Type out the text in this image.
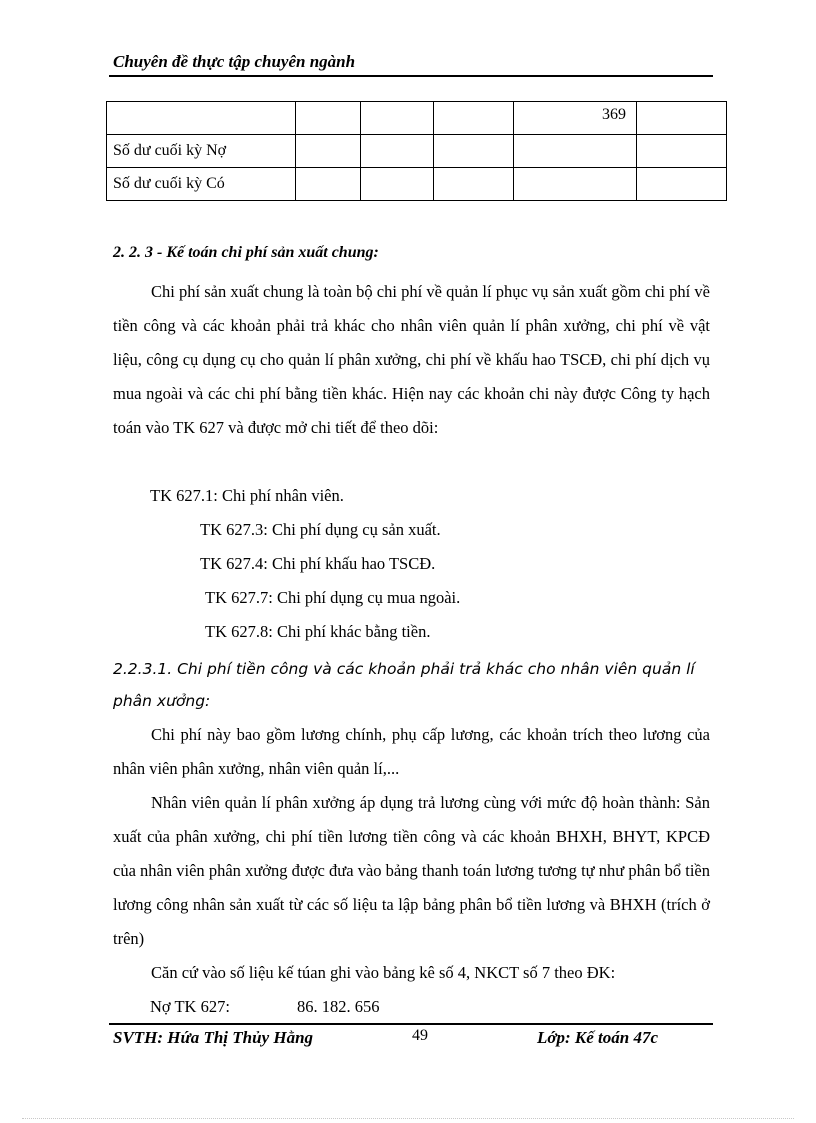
Chuyên đề thực tập chuyên ngành
				369	
Số dư cuối kỳ Nợ					
Số dư cuối kỳ Có					
2. 2. 3 - Kế toán chi phí sản xuất chung:

Chi phí sản xuất chung là toàn bộ chi phí về quản lí phục vụ sản xuất gồm chi phí về tiền công và các khoản phải trả khác cho nhân viên quản lí phân xưởng, chi phí về vật liệu, công cụ dụng cụ cho quản lí phân xưởng, chi phí về khấu hao TSCĐ, chi phí dịch vụ mua ngoài và các chi phí bằng tiền khác. Hiện nay các khoản chi này được Công ty hạch toán vào TK 627 và được mở chi tiết để theo dõi:

TK 627.1: Chi phí nhân viên.
TK 627.3: Chi phí dụng cụ sản xuất.
TK 627.4: Chi phí khấu hao TSCĐ.
TK 627.7: Chi phí dụng cụ mua ngoài.
TK 627.8: Chi phí khác bằng tiền.

2.2.3.1. Chi phí tiền công và các khoản phải trả khác cho nhân viên quản lí phân xưởng:

Chi phí này bao gồm lương chính, phụ cấp lương, các khoản trích theo lương của nhân viên phân xưởng, nhân viên quản lí,...

Nhân viên quản lí phân xưởng áp dụng trả lương cùng với mức độ hoàn thành: Sản xuất của phân xưởng, chi phí tiền lương tiền công và các khoản BHXH, BHYT, KPCĐ của nhân viên phân xưởng được đưa vào bảng thanh toán lương tương tự như phân bổ tiền lương công nhân sản xuất từ các số liệu ta lập bảng phân bổ tiền lương và BHXH (trích ở trên)

Căn cứ vào số liệu kế túan ghi vào bảng kê số 4, NKCT số 7 theo ĐK:

Nợ TK 627:	86. 182. 656
SVTH: Hứa Thị Thủy Hằng	49	Lớp: Kế toán 47c
